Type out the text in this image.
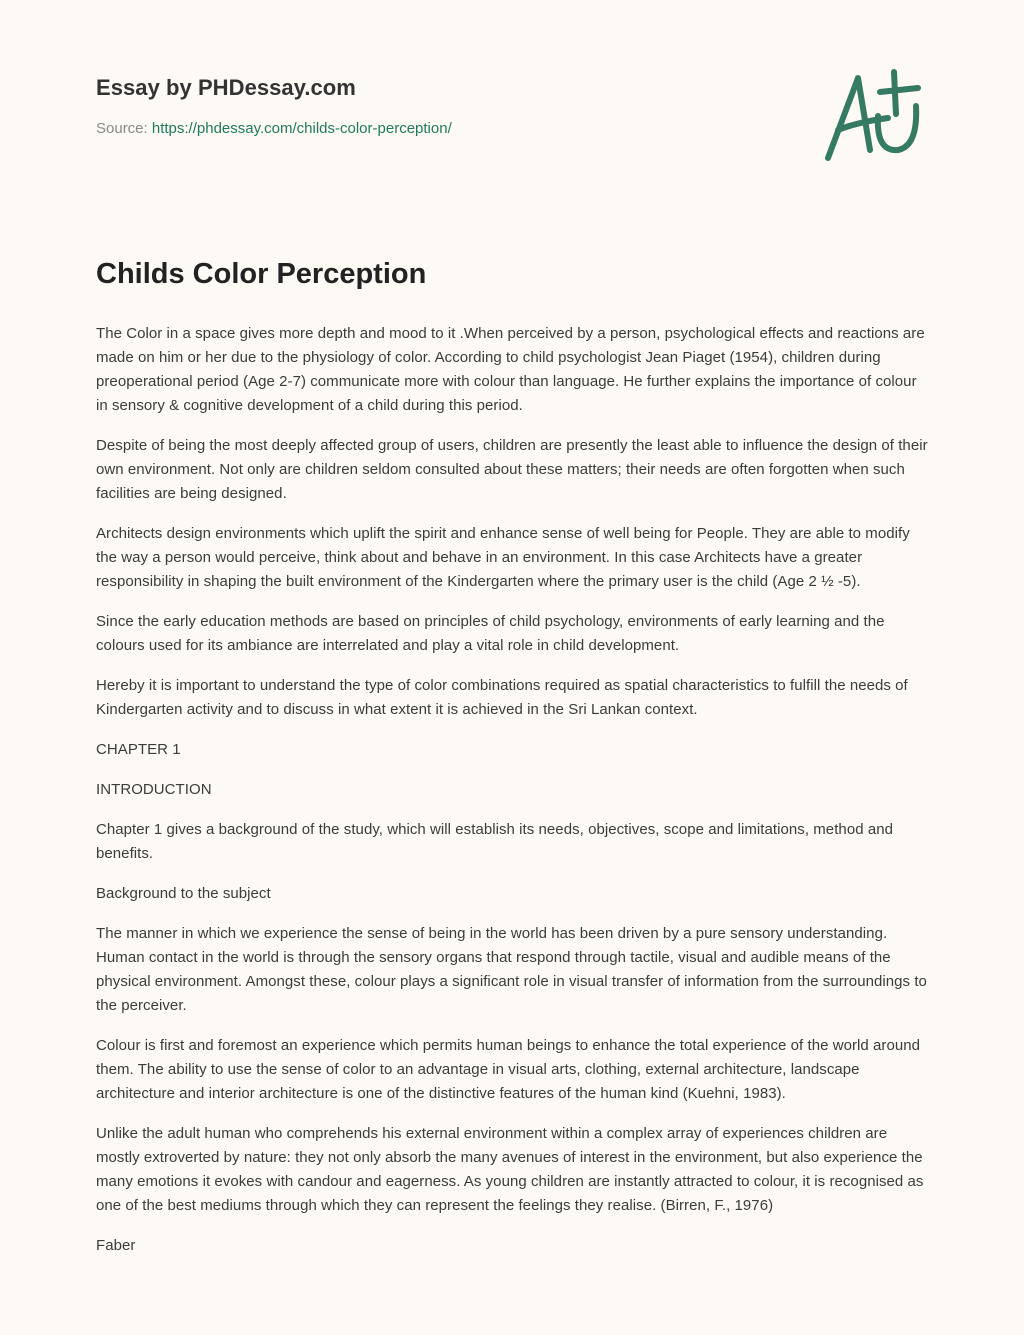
Essay by PHDessay.com

Source: https://phdessay.com/childs-color-perception/
Childs Color Perception

The Color in a space gives more depth and mood to it .When perceived by a person, psychological effects and reactions are made on him or her due to the physiology of color. According to child psychologist Jean Piaget (1954), children during preoperational period (Age 2-7) communicate more with colour than language. He further explains the importance of colour in sensory & cognitive development of a child during this period.

Despite of being the most deeply affected group of users, children are presently the least able to influence the design of their own environment. Not only are children seldom consulted about these matters; their needs are often forgotten when such facilities are being designed.

Architects design environments which uplift the spirit and enhance sense of well being for People. They are able to modify the way a person would perceive, think about and behave in an environment. In this case Architects have a greater responsibility in shaping the built environment of the Kindergarten where the primary user is the child (Age 2 ½ -5).

Since the early education methods are based on principles of child psychology, environments of early learning and the colours used for its ambiance are interrelated and play a vital role in child development.

Hereby it is important to understand the type of color combinations required as spatial characteristics to fulfill the needs of Kindergarten activity and to discuss in what extent it is achieved in the Sri Lankan context.

CHAPTER 1

INTRODUCTION

Chapter 1 gives a background of the study, which will establish its needs, objectives, scope and limitations, method and benefits.

Background to the subject

The manner in which we experience the sense of being in the world has been driven by a pure sensory understanding. Human contact in the world is through the sensory organs that respond through tactile, visual and audible means of the physical environment. Amongst these, colour plays a significant role in visual transfer of information from the surroundings to the perceiver.

Colour is first and foremost an experience which permits human beings to enhance the total experience of the world around them. The ability to use the sense of color to an advantage in visual arts, clothing, external architecture, landscape architecture and interior architecture is one of the distinctive features of the human kind (Kuehni, 1983).

Unlike the adult human who comprehends his external environment within a complex array of experiences children are mostly extroverted by nature: they not only absorb the many avenues of interest in the environment, but also experience the many emotions it evokes with candour and eagerness. As young children are instantly attracted to colour, it is recognised as one of the best mediums through which they can represent the feelings they realise. (Birren, F., 1976)

Faber
